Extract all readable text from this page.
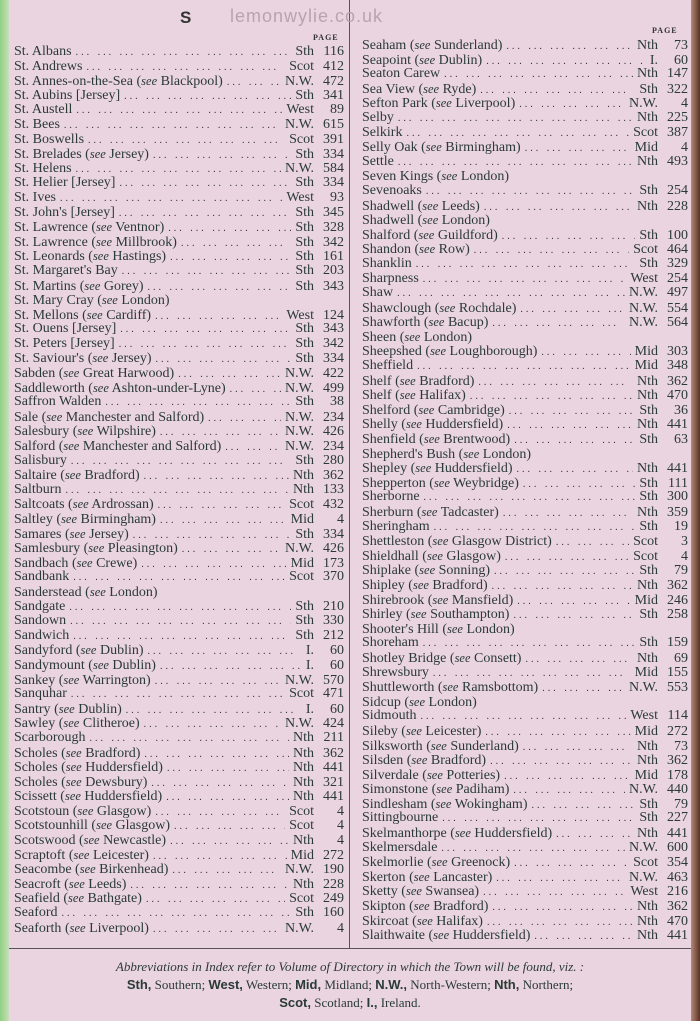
S
PAGE
PAGE
St. Albans ... .	Sth 116
St. Andrews ... .	Scot 412
St. Annes-on-the-Sea (see Blackpool) ... .	N.W. 472
St. Aubins [Jersey] ... .	Sth 341
St. Austell ... .	West	89
St. Bees ... .	N.W. 615
St. Boswells ... .	Scot 391
St. Brelades (see Jersey) ... .	Sth 334
St. Helens ... .	N.W. 584
St. Helier [Jersey] ... .	Sth 334
St. Ives ... .	West	93
St. John's [Jersey] ... .	Sth 345
St. Lawrence (see Ventnor) ... .	Sth 328
St. Lawrence (see Millbrook) ... .	Sth 342
St. Leonards (see Hastings) ... .	Sth 161
St. Margaret's Bay ... .	Sth 203
St. Martins (see Gorey) ... .	Sth 343
St. Mary Cray (see London)
St. Mellons (see Cardiff) ... .	West 124
St. Ouens [Jersey] ... .	Sth 343
St. Peters [Jersey] ... .	Sth 342
St. Saviour's (see Jersey) ... .	Sth 334
Sabden (see Great Harwood) ... .	N.W. 422
Saddleworth (see Ashton-under-Lyne) ... .	N.W. 499
Saffron Walden ... .	Sth	38
Sale (see Manchester and Salford) ... .	N.W. 234
Salesbury (see Wilpshire) ... .	N.W. 426
Salford (see Manchester and Salford) ... .	N.W. 234
Salisbury ... .	Sth 280
Saltaire (see Bradford) ... .	Nth 362
Saltburn ... .	Nth 133
Saltcoats (see Ardrossan) ... .	Scot 432
Saltley (see Birmingham) ... .	Mid	4
Samares (see Jersey) ... .	Sth 334
Samlesbury (see Pleasington) ... .	N.W. 426
Sandbach (see Crewe) ... .	Mid 173
Sandbank ... .	Scot 370
Sanderstead (see London)
Sandgate ... .	Sth 210
Sandown ... .	Sth 330
Sandwich ... .	Sth 212
Sandyford (see Dublin) ... .	I.	60
Sandymount (see Dublin) ... .	I.	60
Sankey (see Warrington) ... .	N.W. 570
Sanquhar ... .	Scot 471
Santry (see Dublin) ... .	I.	60
Sawley (see Clitheroe) ... .	N.W. 424
Scarborough ... .	Nth 211
Scholes (see Bradford) ... .	Nth 362
Scholes (see Huddersfield) ... .	Nth 441
Scholes (see Dewsbury) ... .	Nth 321
Scissett (see Huddersfield) ... .	Nth 441
Scotstoun (see Glasgow) ... .	Scot	4
Scotstounhill (see Glasgow) ... .	Scot	4
Scotswood (see Newcastle) ... .	Nth	4
Scraptoft (see Leicester) ... .	Mid 272
Seacombe (see Birkenhead) ... .	N.W. 190
Seacroft (see Leeds) ... .	Nth 228
Seafield (see Bathgate) ... .	Scot 249
Seaford ... .	Sth 160
Seaforth (see Liverpool) ... .	N.W.	4
Seaham (see Sunderland) ... .	Nth	73
Seapoint (see Dublin) ... .	I.	60
Seaton Carew ... .	Nth 147
Sea View (see Ryde) ... .	Sth 322
Sefton Park (see Liverpool) ... .	N.W.	4
Selby ... .	Nth 225
Selkirk ... .	Scot 387
Selly Oak (see Birmingham) ... .	Mid	4
Settle ... .	Nth 493
Seven Kings (see London)
Sevenoaks ... .	Sth 254
Shadwell (see Leeds) ... .	Nth 228
Shadwell (see London)
Shalford (see Guildford) ... .	Sth 100
Shandon (see Row) ... .	Scot 464
Shanklin ... .	Sth 329
Sharpness ... .	West 254
Shaw ... .	N.W. 497
Shawclough (see Rochdale) ... .	N.W. 554
Shawforth (see Bacup) ... .	N.W. 564
Sheen (see London)
Sheepshed (see Loughborough) ... .	Mid 303
Sheffield ... .	Mid 348
Shelf (see Bradford) ... .	Nth 362
Shelf (see Halifax) ... .	Nth 470
Shelford (see Cambridge) ... .	Sth	36
Shelly (see Huddersfield) ... .	Nth 441
Shenfield (see Brentwood) ... .	Sth	63
Shepherd's Bush (see London)
Shepley (see Huddersfield) ... .	Nth 441
Shepperton (see Weybridge) ... .	Sth 111
Sherborne ... .	Sth 300
Sherburn (see Tadcaster) ... .	Nth 359
Sheringham ... .	Sth	19
Shettleston (see Glasgow District) ... .	Scot	3
Shieldhall (see Glasgow) ... .	Scot	4
Shiplake (see Sonning) ... .	Sth	79
Shipley (see Bradford) ... .	Nth 362
Shirebrook (see Mansfield) ... .	Mid 246
Shirley (see Southampton) ... .	Sth 258
Shooter's Hill (see London)
Shoreham ... .	Sth 159
Shotley Bridge (see Consett) ... .	Nth	69
Shrewsbury ... .	Mid 155
Shuttleworth (see Ramsbottom) ... .	N.W. 553
Sidcup (see London)
Sidmouth ... .	West 114
Sileby (see Leicester) ... .	Mid 272
Silksworth (see Sunderland) ... .	Nth	73
Silsden (see Bradford) ... .	Nth 362
Silverdale (see Potteries) ... .	Mid 178
Simonstone (see Padiham) ... .	N.W. 440
Sindlesham (see Wokingham) ... .	Sth	79
Sittingbourne ... .	Sth 227
Skelmanthorpe (see Huddersfield) ... .	Nth 441
Skelmersdale ... .	N.W. 600
Skelmorlie (see Greenock) ... .	Scot 354
Skerton (see Lancaster) ... .	N.W. 463
Sketty (see Swansea) ... .	West 216
Skipton (see Bradford) ... .	Nth 362
Skircoat (see Halifax) ... .	Nth 470
Slaithwaite (see Huddersfield) ... .	Nth 441
lemonwylie.co.uk
Abbreviations in Index refer to Volume of Directory in which the Town will be found, viz. :
Sth, Southern; West, Western; Mid, Midland; N.W., North-Western; Nth, Northern;
Scot, Scotland; I., Ireland.
